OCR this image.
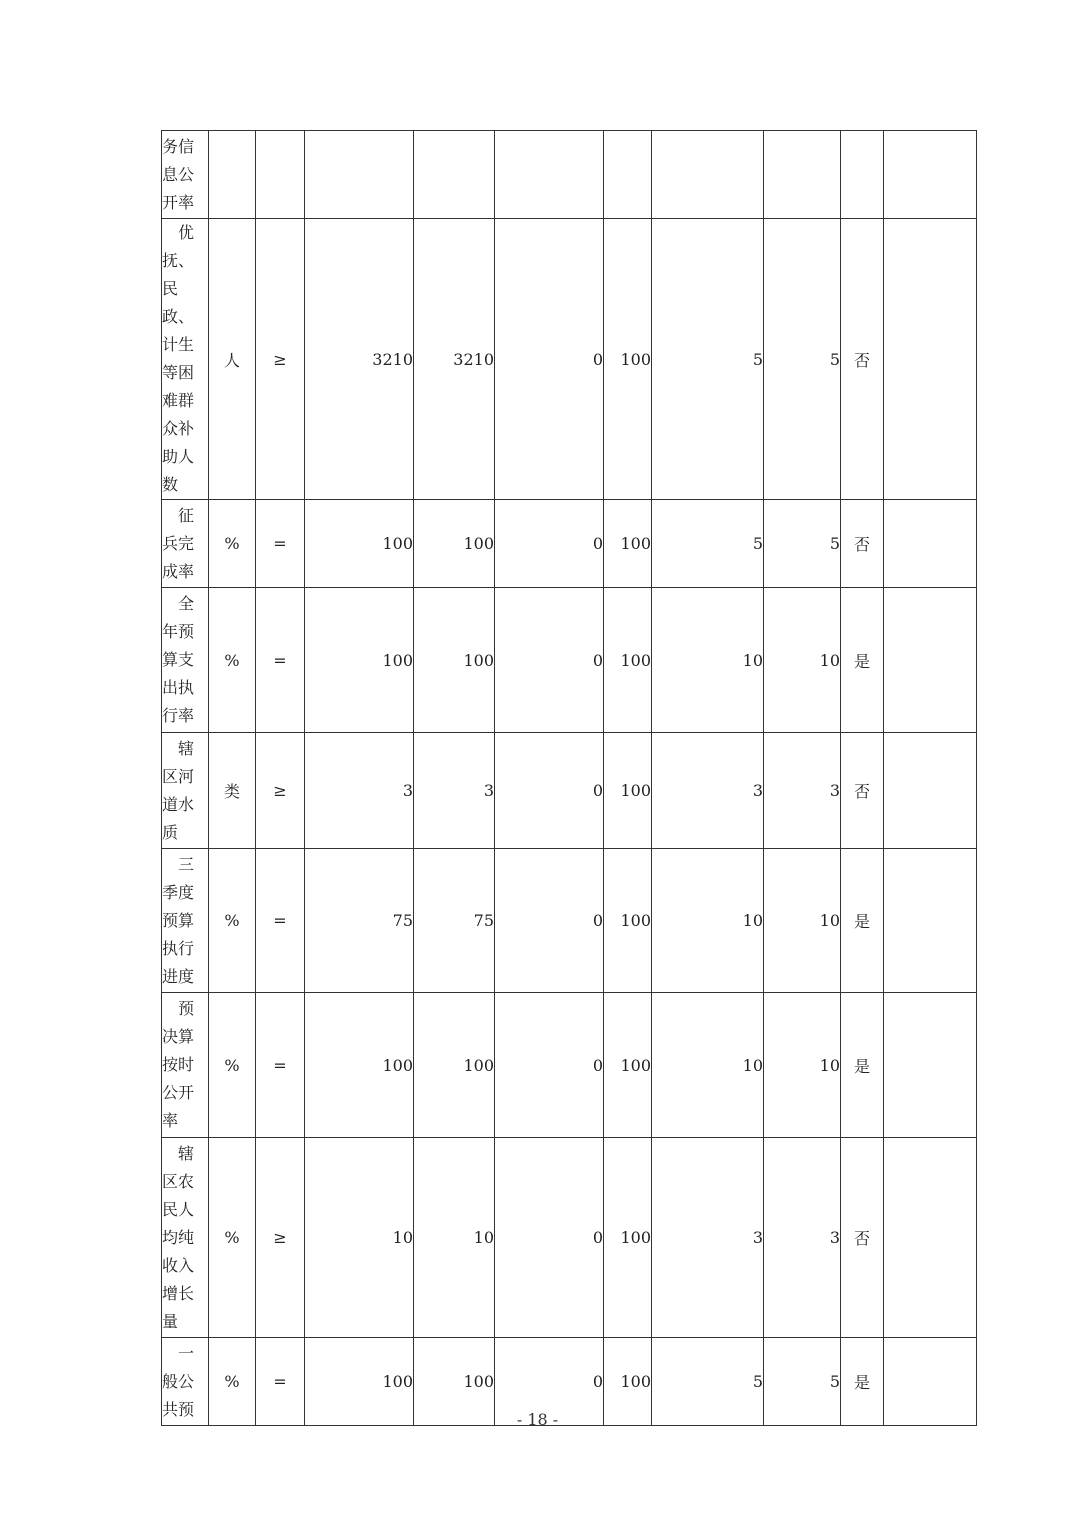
务信息公开率										
　优抚、民政、计生等困难群众补助人数	人	≥	3210	3210	0	100	5	5	否	
　征兵完成率	%	=	100	100	0	100	5	5	否	
　全年预算支出执行率	%	=	100	100	0	100	10	10	是	
　辖区河道水质	类	≥	3	3	0	100	3	3	否	
　三季度预算执行进度	%	=	75	75	0	100	10	10	是	
　预决算按时公开率	%	=	100	100	0	100	10	10	是	
　辖区农民人均纯收入增长量	%	≥	10	10	0	100	3	3	否	
　一般公共预	%	=	100	100	0	100	5	5	是	
- 18 -
